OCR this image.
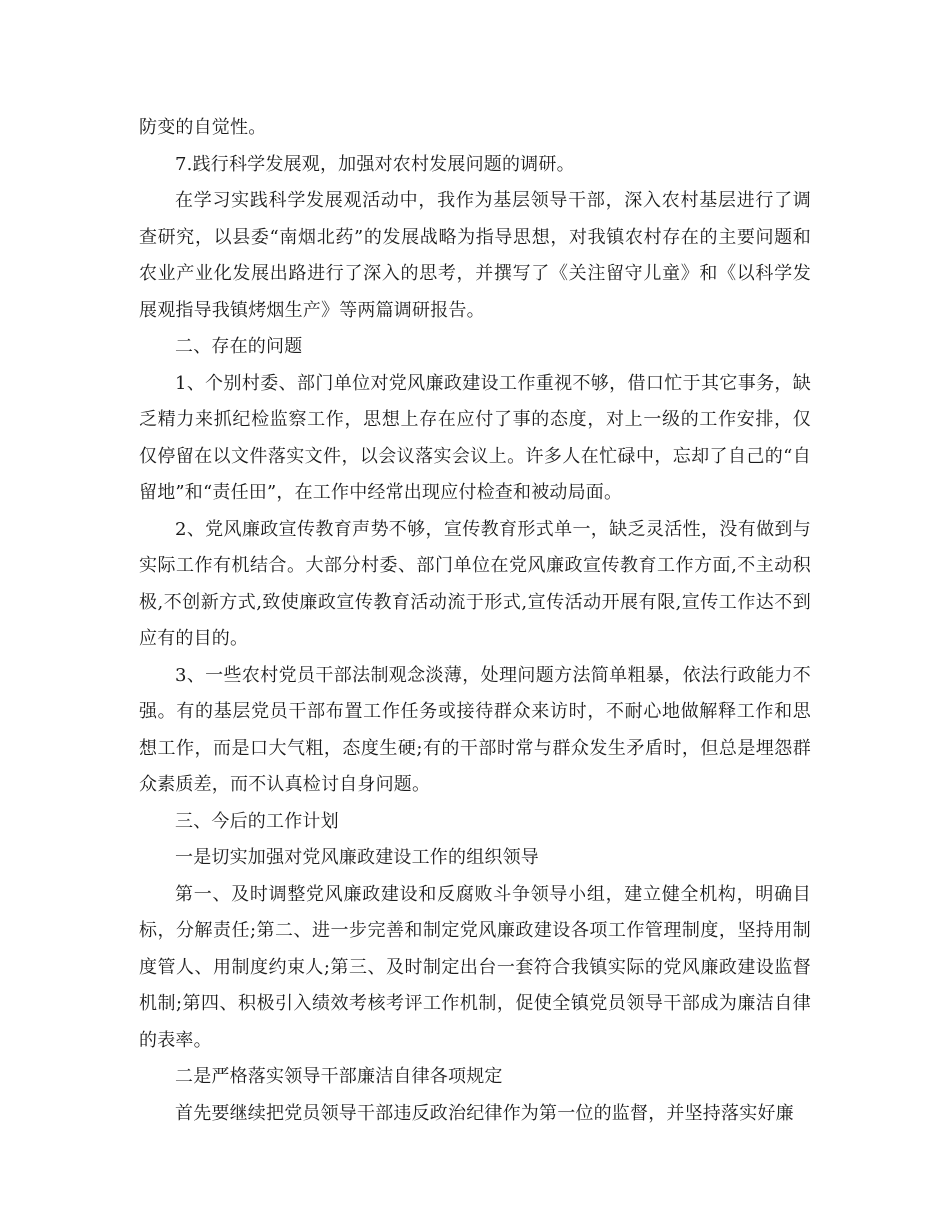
防变的自觉性。

7.践行科学发展观，加强对农村发展问题的调研。

在学习实践科学发展观活动中，我作为基层领导干部，深入农村基层进行了调查研究，以县委“南烟北药”的发展战略为指导思想，对我镇农村存在的主要问题和农业产业化发展出路进行了深入的思考，并撰写了《关注留守儿童》和《以科学发展观指导我镇烤烟生产》等两篇调研报告。

二、存在的问题

1、个别村委、部门单位对党风廉政建设工作重视不够，借口忙于其它事务，缺乏精力来抓纪检监察工作，思想上存在应付了事的态度，对上一级的工作安排，仅仅停留在以文件落实文件，以会议落实会议上。许多人在忙碌中，忘却了自己的“自留地”和“责任田”，在工作中经常出现应付检查和被动局面。

2、党风廉政宣传教育声势不够，宣传教育形式单一，缺乏灵活性，没有做到与实际工作有机结合。大部分村委、部门单位在党风廉政宣传教育工作方面,不主动积极,不创新方式,致使廉政宣传教育活动流于形式,宣传活动开展有限,宣传工作达不到应有的目的。

3、一些农村党员干部法制观念淡薄，处理问题方法简单粗暴，依法行政能力不强。有的基层党员干部布置工作任务或接待群众来访时，不耐心地做解释工作和思想工作，而是口大气粗，态度生硬;有的干部时常与群众发生矛盾时，但总是埋怨群众素质差，而不认真检讨自身问题。

三、今后的工作计划

一是切实加强对党风廉政建设工作的组织领导

第一、及时调整党风廉政建设和反腐败斗争领导小组，建立健全机构，明确目标，分解责任;第二、进一步完善和制定党风廉政建设各项工作管理制度，坚持用制度管人、用制度约束人;第三、及时制定出台一套符合我镇实际的党风廉政建设监督机制;第四、积极引入绩效考核考评工作机制，促使全镇党员领导干部成为廉洁自律的表率。

二是严格落实领导干部廉洁自律各项规定

首先要继续把党员领导干部违反政治纪律作为第一位的监督，并坚持落实好廉
